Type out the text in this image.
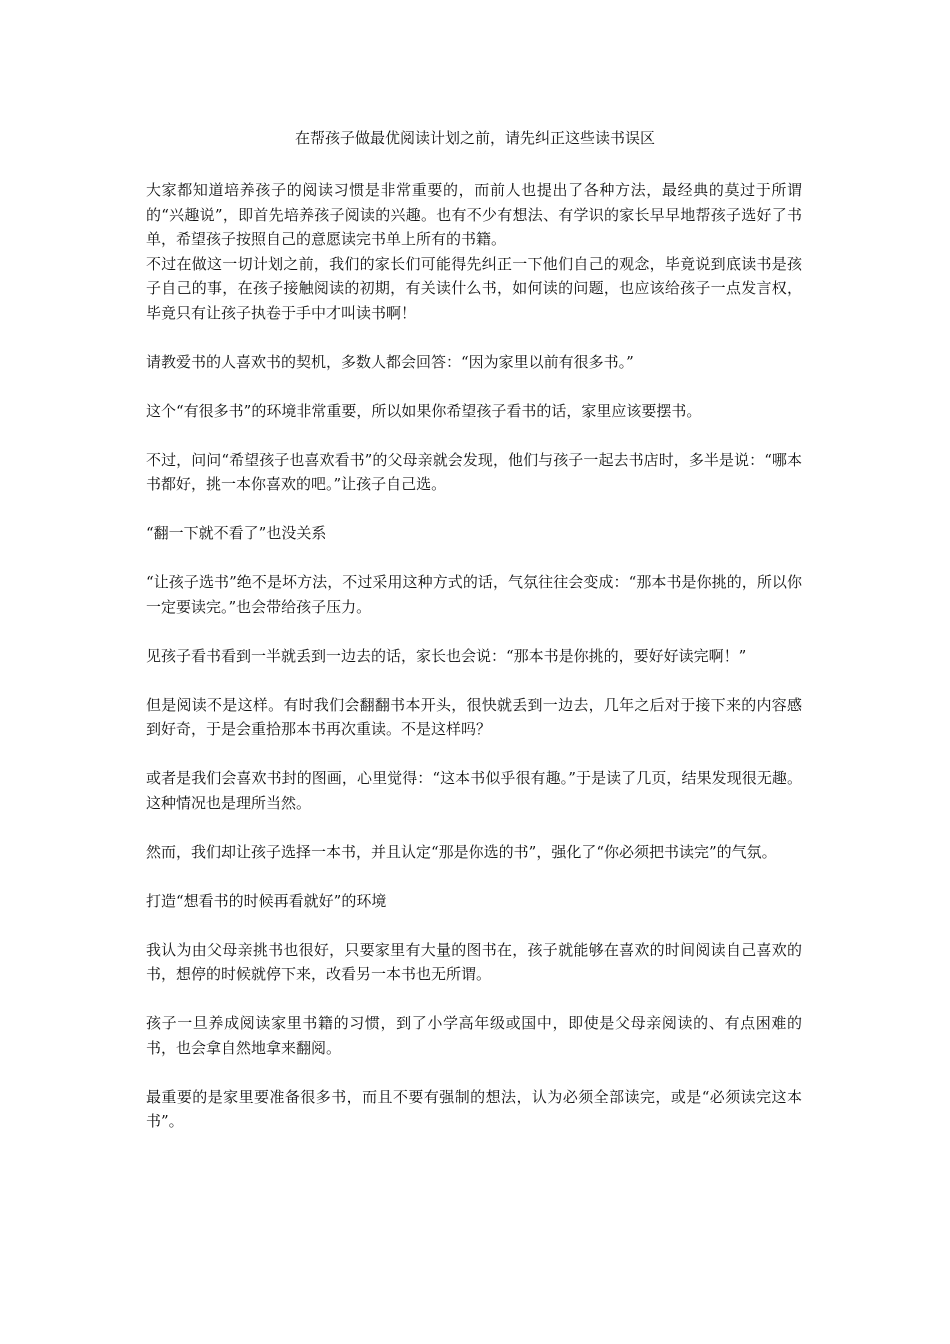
在帮孩子做最优阅读计划之前，请先纠正这些读书误区

大家都知道培养孩子的阅读习惯是非常重要的，而前人也提出了各种方法，最经典的莫过于所谓的“兴趣说”，即首先培养孩子阅读的兴趣。也有不少有想法、有学识的家长早早地帮孩子选好了书单，希望孩子按照自己的意愿读完书单上所有的书籍。

不过在做这一切计划之前，我们的家长们可能得先纠正一下他们自己的观念，毕竟说到底读书是孩子自己的事，在孩子接触阅读的初期，有关读什么书，如何读的问题，也应该给孩子一点发言权，毕竟只有让孩子执卷于手中才叫读书啊！

请教爱书的人喜欢书的契机，多数人都会回答：“因为家里以前有很多书。”

这个“有很多书”的环境非常重要，所以如果你希望孩子看书的话，家里应该要摆书。

不过，问问“希望孩子也喜欢看书”的父母亲就会发现，他们与孩子一起去书店时，多半是说：“哪本书都好，挑一本你喜欢的吧。”让孩子自己选。

“翻一下就不看了”也没关系

“让孩子选书”绝不是坏方法，不过采用这种方式的话，气氛往往会变成：“那本书是你挑的，所以你一定要读完。”也会带给孩子压力。

见孩子看书看到一半就丢到一边去的话，家长也会说：“那本书是你挑的，要好好读完啊！”

但是阅读不是这样。有时我们会翻翻书本开头，很快就丢到一边去，几年之后对于接下来的内容感到好奇，于是会重拾那本书再次重读。不是这样吗？

或者是我们会喜欢书封的图画，心里觉得：“这本书似乎很有趣。”于是读了几页，结果发现很无趣。这种情况也是理所当然。

然而，我们却让孩子选择一本书，并且认定“那是你选的书”，强化了“你必须把书读完”的气氛。

打造“想看书的时候再看就好”的环境

我认为由父母亲挑书也很好，只要家里有大量的图书在，孩子就能够在喜欢的时间阅读自己喜欢的书，想停的时候就停下来，改看另一本书也无所谓。

孩子一旦养成阅读家里书籍的习惯，到了小学高年级或国中，即使是父母亲阅读的、有点困难的书，也会拿自然地拿来翻阅。

最重要的是家里要准备很多书，而且不要有强制的想法，认为必须全部读完，或是“必须读完这本书”。
